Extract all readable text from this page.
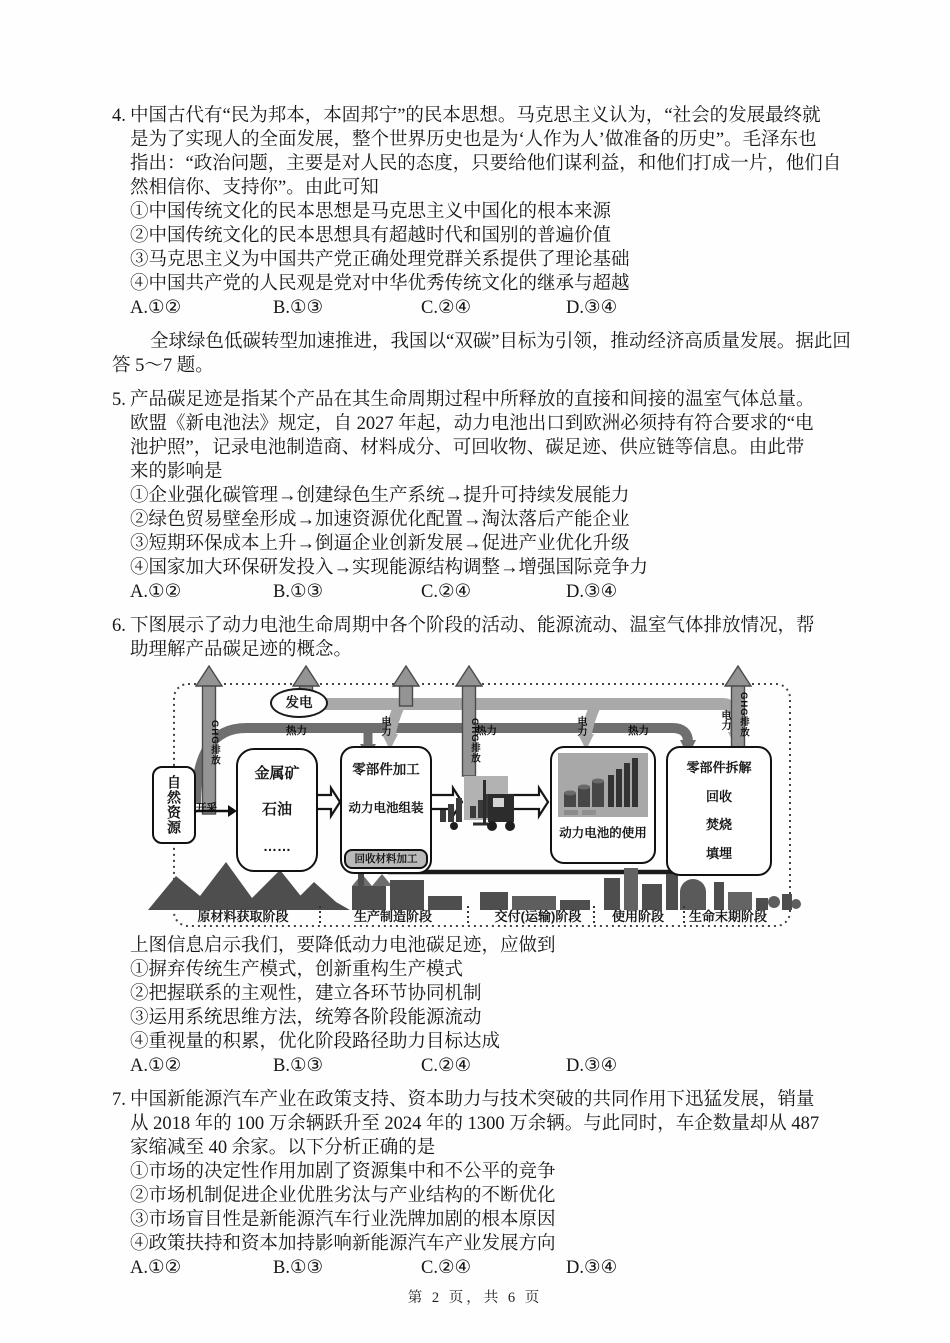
4. 中国古代有“民为邦本，本固邦宁”的民本思想。马克思主义认为，“社会的发展最终就
是为了实现人的全面发展，整个世界历史也是为‘人作为人’做准备的历史”。毛泽东也
指出：“政治问题，主要是对人民的态度，只要给他们谋利益，和他们打成一片，他们自
然相信你、支持你”。由此可知
①中国传统文化的民本思想是马克思主义中国化的根本来源
②中国传统文化的民本思想具有超越时代和国别的普遍价值
③马克思主义为中国共产党正确处理党群关系提供了理论基础
④中国共产党的人民观是党对中华优秀传统文化的继承与超越
A.①②	B.①③	C.②④	D.③④
全球绿色低碳转型加速推进，我国以“双碳”目标为引领，推动经济高质量发展。据此回
答 5～7 题。
5. 产品碳足迹是指某个产品在其生命周期过程中所释放的直接和间接的温室气体总量。
欧盟《新电池法》规定，自 2027 年起，动力电池出口到欧洲必须持有符合要求的“电
池护照”，记录电池制造商、材料成分、可回收物、碳足迹、供应链等信息。由此带
来的影响是
①企业强化碳管理→创建绿色生产系统→提升可持续发展能力
②绿色贸易壁垒形成→加速资源优化配置→淘汰落后产能企业
③短期环保成本上升→倒逼企业创新发展→促进产业优化升级
④国家加大环保研发投入→实现能源结构调整→增强国际竞争力
A.①②	B.①③	C.②④	D.③④
6. 下图展示了动力电池生命周期中各个阶段的活动、能源流动、温室气体排放情况，帮
助理解产品碳足迹的概念。
发电
热力	热力	热力
电力	电力	电力
GHG排放	GHG排放
GHG排放
开采
自然资源
金属矿
石油
……
零部件加工
动力电池组装
回收材料加工
动力电池的使用
零部件拆解
回收
焚烧
填埋
原材料获取阶段	生产制造阶段	交付(运输)阶段	使用阶段	生命末期阶段
上图信息启示我们，要降低动力电池碳足迹，应做到
①摒弃传统生产模式，创新重构生产模式
②把握联系的主观性，建立各环节协同机制
③运用系统思维方法，统筹各阶段能源流动
④重视量的积累，优化阶段路径助力目标达成
A.①②	B.①③	C.②④	D.③④
7. 中国新能源汽车产业在政策支持、资本助力与技术突破的共同作用下迅猛发展，销量
从 2018 年的 100 万余辆跃升至 2024 年的 1300 万余辆。与此同时，车企数量却从 487
家缩减至 40 余家。以下分析正确的是
①市场的决定性作用加剧了资源集中和不公平的竞争
②市场机制促进企业优胜劣汰与产业结构的不断优化
③市场盲目性是新能源汽车行业洗牌加剧的根本原因
④政策扶持和资本加持影响新能源汽车产业发展方向
A.①②	B.①③	C.②④	D.③④
第 2 页，共 6 页
